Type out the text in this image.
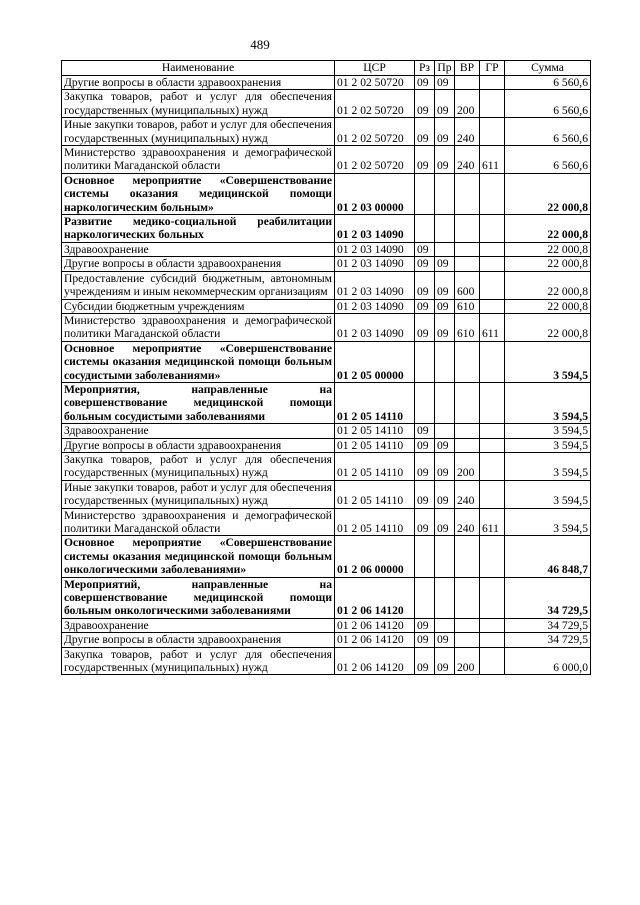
489
Наименование	ЦСР	Рз	Пр	ВР	ГР	Сумма
Другие вопросы в области здравоохранения	01 2 02 50720	09	09			6 560,6
Закупка товаров, работ и услуг для обеспечения государственных (муниципальных) нужд	01 2 02 50720	09	09	200		6 560,6
Иные закупки товаров, работ и услуг для обеспечения государственных (муниципальных) нужд	01 2 02 50720	09	09	240		6 560,6
Министерство здравоохранения и демографической политики Магаданской области	01 2 02 50720	09	09	240	611	6 560,6
Основное мероприятие «Совершенствование системы оказания медицинской помощи наркологическим больным»	01 2 03 00000					22 000,8
Развитие медико-социальной реабилитации наркологических больных	01 2 03 14090					22 000,8
Здравоохранение	01 2 03 14090	09				22 000,8
Другие вопросы в области здравоохранения	01 2 03 14090	09	09			22 000,8
Предоставление субсидий бюджетным, автономным учреждениям и иным некоммерческим организациям	01 2 03 14090	09	09	600		22 000,8
Субсидии бюджетным учреждениям	01 2 03 14090	09	09	610		22 000,8
Министерство здравоохранения и демографической политики Магаданской области	01 2 03 14090	09	09	610	611	22 000,8
Основное мероприятие «Совершенствование системы оказания медицинской помощи больным сосудистыми заболеваниями»	01 2 05 00000					3 594,5
Мероприятия, направленные на совершенствование медицинской помощи больным сосудистыми заболеваниями	01 2 05 14110					3 594,5
Здравоохранение	01 2 05 14110	09				3 594,5
Другие вопросы в области здравоохранения	01 2 05 14110	09	09			3 594,5
Закупка товаров, работ и услуг для обеспечения государственных (муниципальных) нужд	01 2 05 14110	09	09	200		3 594,5
Иные закупки товаров, работ и услуг для обеспечения государственных (муниципальных) нужд	01 2 05 14110	09	09	240		3 594,5
Министерство здравоохранения и демографической политики Магаданской области	01 2 05 14110	09	09	240	611	3 594,5
Основное мероприятие «Совершенствование системы оказания медицинской помощи больным онкологическими заболеваниями»	01 2 06 00000					46 848,7
Мероприятий, направленные на совершенствование медицинской помощи больным онкологическими заболеваниями	01 2 06 14120					34 729,5
Здравоохранение	01 2 06 14120	09				34 729,5
Другие вопросы в области здравоохранения	01 2 06 14120	09	09			34 729,5
Закупка товаров, работ и услуг для обеспечения государственных (муниципальных) нужд	01 2 06 14120	09	09	200		6 000,0
